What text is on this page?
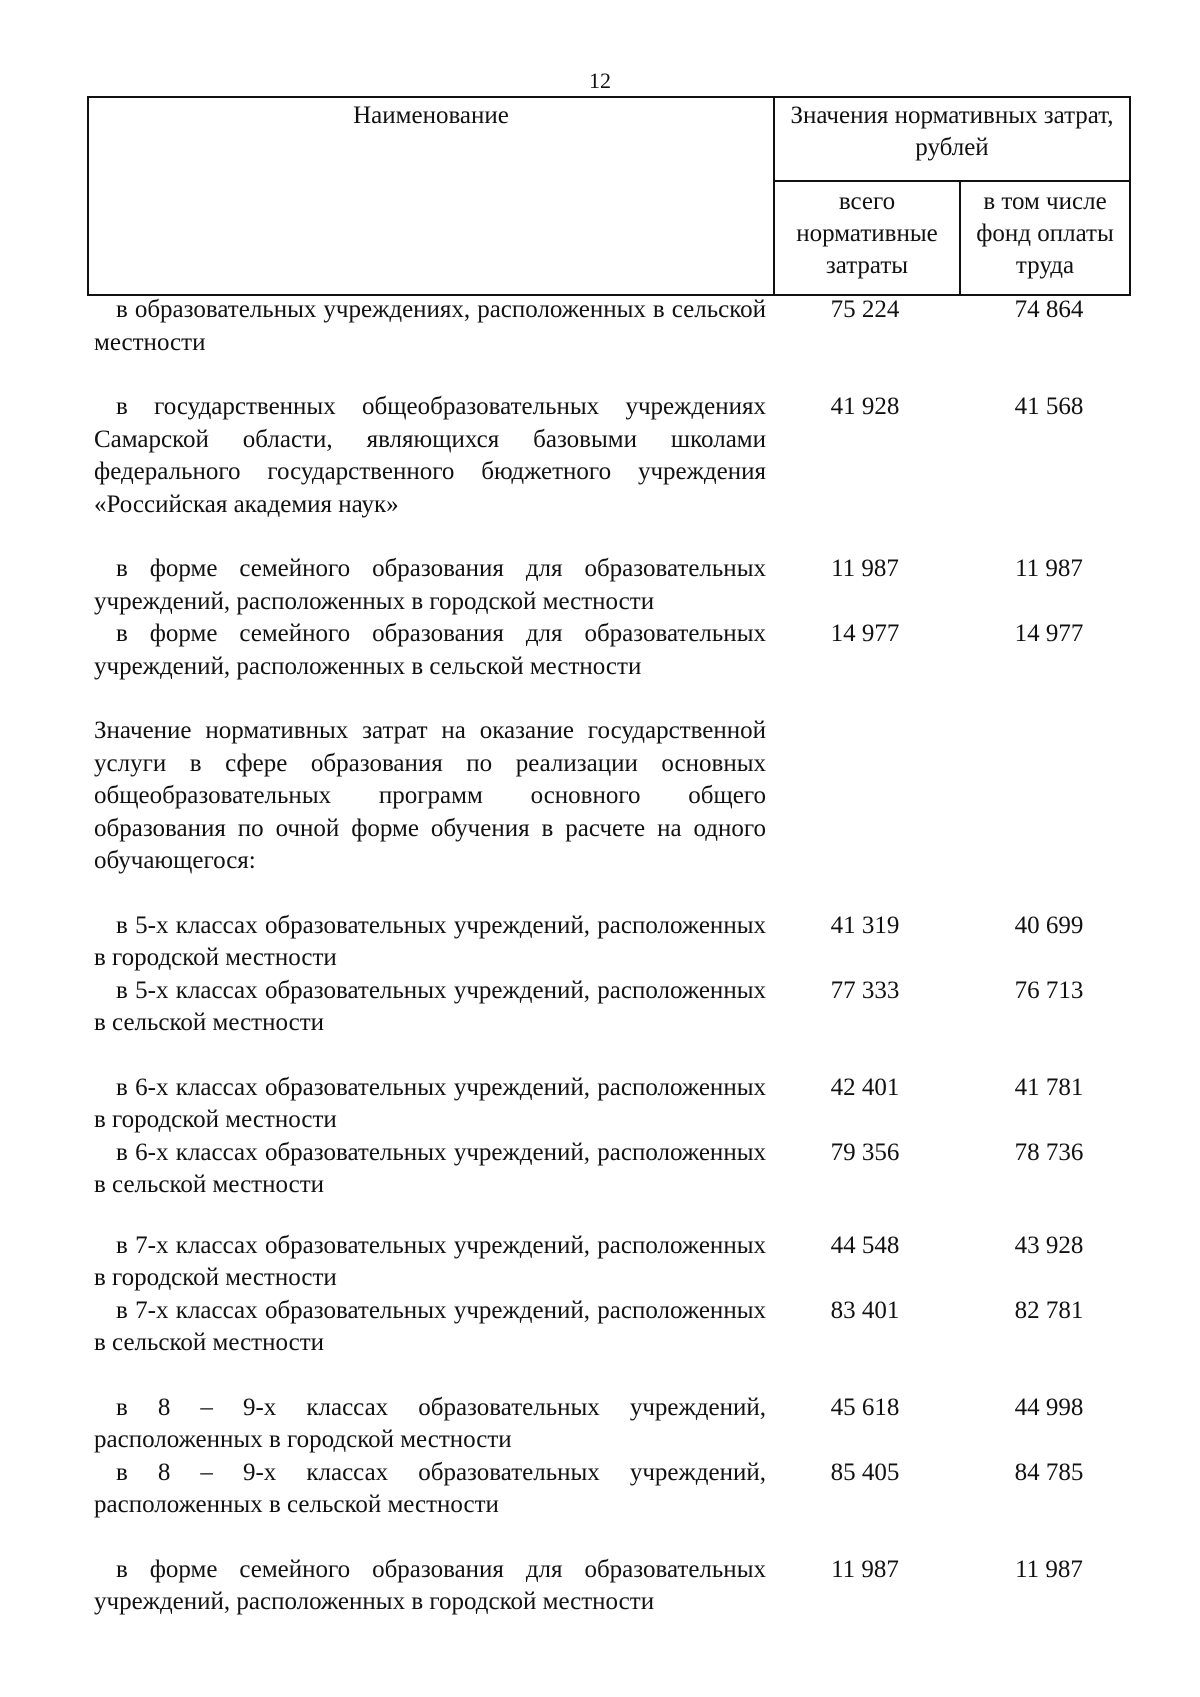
12
Наименование	Значения нормативных затрат, рублей	
	всего нормативные затраты	в том числе фонд оплаты труда
в образовательных учреждениях, расположенных в сельской местности
75 224	74 864
в государственных общеобразовательных учреждениях Самарской области, являющихся базовыми школами федерального государственного бюджетного учреждения «Российская академия наук»
41 928	41 568
в форме семейного образования для образовательных учреждений, расположенных в городской местности
11 987	11 987
в форме семейного образования для образовательных учреждений, расположенных в сельской местности
14 977	14 977
Значение нормативных затрат на оказание государственной услуги в сфере образования по реализации основных общеобразовательных программ основного общего образования по очной форме обучения в расчете на одного обучающегося:
в 5-х классах образовательных учреждений, расположенных в городской местности
41 319	40 699
в 5-х классах образовательных учреждений, расположенных в сельской местности
77 333	76 713
в 6-х классах образовательных учреждений, расположенных в городской местности
42 401	41 781
в 6-х классах образовательных учреждений, расположенных в сельской местности
79 356	78 736
в 7-х классах образовательных учреждений, расположенных в городской местности
44 548	43 928
в 7-х классах образовательных учреждений, расположенных в сельской местности
83 401	82 781
в 8 – 9-х классах образовательных учреждений, расположенных в городской местности
45 618	44 998
в 8 – 9-х классах образовательных учреждений, расположенных в сельской местности
85 405	84 785
в форме семейного образования для образовательных учреждений, расположенных в городской местности
11 987	11 987
